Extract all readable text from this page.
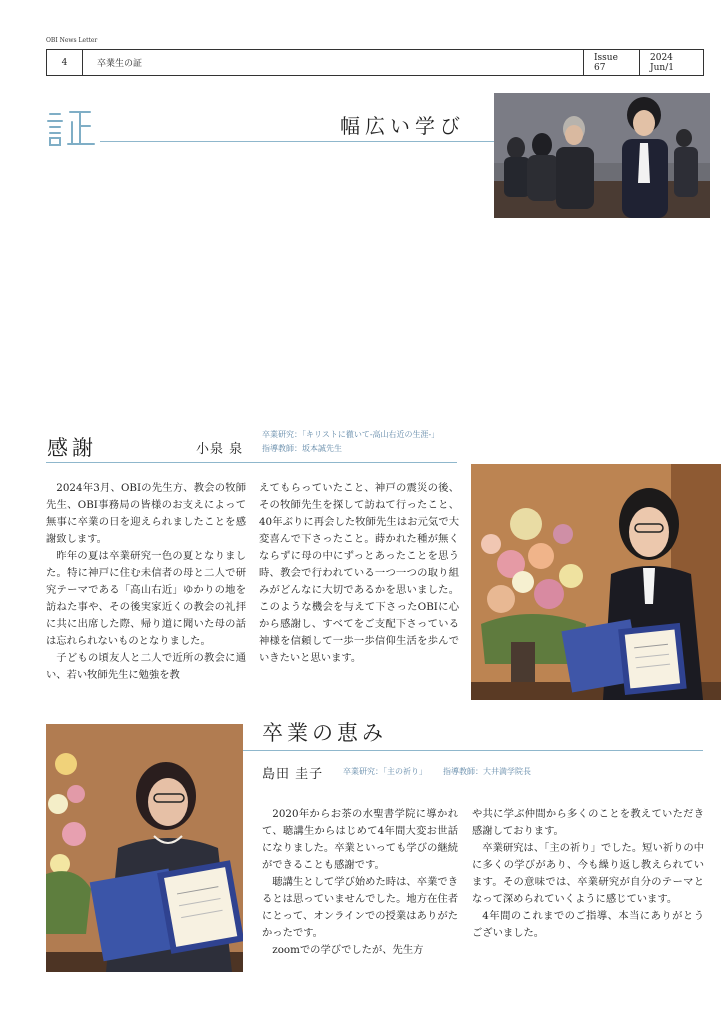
OBI News Letter
4	卒業生の証
Issue 67
2024 Jun/1
幅広い学び
感謝	小泉 泉
卒業研究：「キリストに徹いて-高山右近の生涯-」
指導教師：坂本誠先生

2024年3月、OBIの先生方、教会の牧師先生、OBI事務局の皆様のお支えによって無事に卒業の日を迎えられましたことを感謝致します。

昨年の夏は卒業研究一色の夏となりました。特に神戸に住む未信者の母と二人で研究テーマである「高山右近」ゆかりの地を訪ねた事や、その後実家近くの教会の礼拝に共に出席した際、帰り道に聞いた母の話は忘れられないものとなりました。

子どもの頃友人と二人で近所の教会に通い、若い牧師先生に勉強を教

えてもらっていたこと、神戸の震災の後、その牧師先生を探して訪ねて行ったこと、40年ぶりに再会した牧師先生はお元気で大変喜んで下さったこと。蒔かれた種が無くならずに母の中にずっとあったことを思う時、教会で行われている一つ一つの取り組みがどんなに大切であるかを思いました。このような機会を与えて下さったOBIに心から感謝し、すべてをご支配下さっている神様を信頼して一歩一歩信仰生活を歩んでいきたいと思います。
卒業の恵み
島田 圭子 卒業研究：「主の祈り」 指導教師：大井満学院長

2020年からお茶の水聖書学院に導かれて、聴講生からはじめて4年間大変お世話になりました。卒業といっても学びの継続ができることも感謝です。

聴講生として学び始めた時は、卒業できるとは思っていませんでした。地方在住者にとって、オンラインでの授業はありがたかったです。

zoomでの学びでしたが、先生方

や共に学ぶ仲間から多くのことを教えていただき感謝しております。

卒業研究は、「主の祈り」でした。短い祈りの中に多くの学びがあり、今も繰り返し教えられています。その意味では、卒業研究が自分のテーマとなって深められていくように感じています。

4年間のこれまでのご指導、本当にありがとうございました。
